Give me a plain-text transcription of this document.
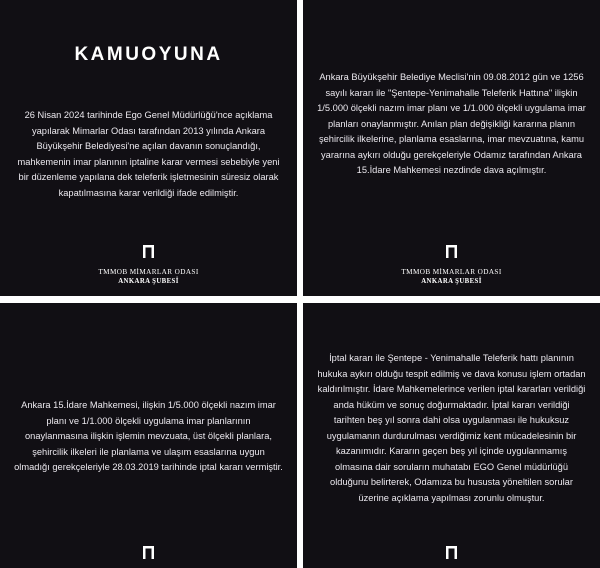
KAMUOYUNA

26 Nisan 2024 tarihinde Ego Genel Müdürlüğü'nce açıklama yapılarak Mimarlar Odası tarafından 2013 yılında Ankara Büyükşehir Belediyesi'ne açılan davanın sonuçlandığı, mahkemenin imar planının iptaline karar vermesi sebebiyle yeni bir düzenleme yapılana dek teleferik işletmesinin süresiz olarak kapatılmasına karar verildiği ifade edilmiştir.

TMMOB MİMARLAR ODASI
ANKARA ŞUBESİ

Ankara Büyükşehir Belediye Meclisi'nin 09.08.2012 gün ve 1256 sayılı kararı ile "Şentepe-Yenimahalle Teleferik Hattına" ilişkin 1/5.000 ölçekli nazım imar planı ve 1/1.000 ölçekli uygulama imar planları onaylanmıştır. Anılan plan değişikliği kararına planın şehircilik ilkelerine, planlama esaslarına, imar mevzuatına, kamu yararına aykırı olduğu gerekçeleriyle Odamız tarafından Ankara 15.İdare Mahkemesi nezdinde dava açılmıştır.

TMMOB MİMARLAR ODASI
ANKARA ŞUBESİ

Ankara 15.İdare Mahkemesi, ilişkin 1/5.000 ölçekli nazım imar planı ve 1/1.000 ölçekli uygulama imar planlarının onaylanmasına ilişkin işlemin mevzuata, üst ölçekli planlara, şehircilik ilkeleri ile planlama ve ulaşım esaslarına uygun olmadığı gerekçeleriyle 28.03.2019 tarihinde iptal kararı vermiştir.

İptal kararı ile Şentepe - Yenimahalle Teleferik hattı planının hukuka aykırı olduğu tespit edilmiş ve dava konusu işlem ortadan kaldırılmıştır. İdare Mahkemelerince verilen iptal kararları verildiği anda hüküm ve sonuç doğurmaktadır. İptal kararı verildiği tarihten beş yıl sonra dahi olsa uygulanması ile hukuksuz uygulamanın durdurulması verdiğimiz kent mücadelesinin bir kazanımıdır. Kararın geçen beş yıl içinde uygulanmamış olmasına dair soruların muhatabı EGO Genel müdürlüğü olduğunu belirterek, Odamıza bu hususta yöneltilen sorular üzerine açıklama yapılması zorunlu olmuştur.
